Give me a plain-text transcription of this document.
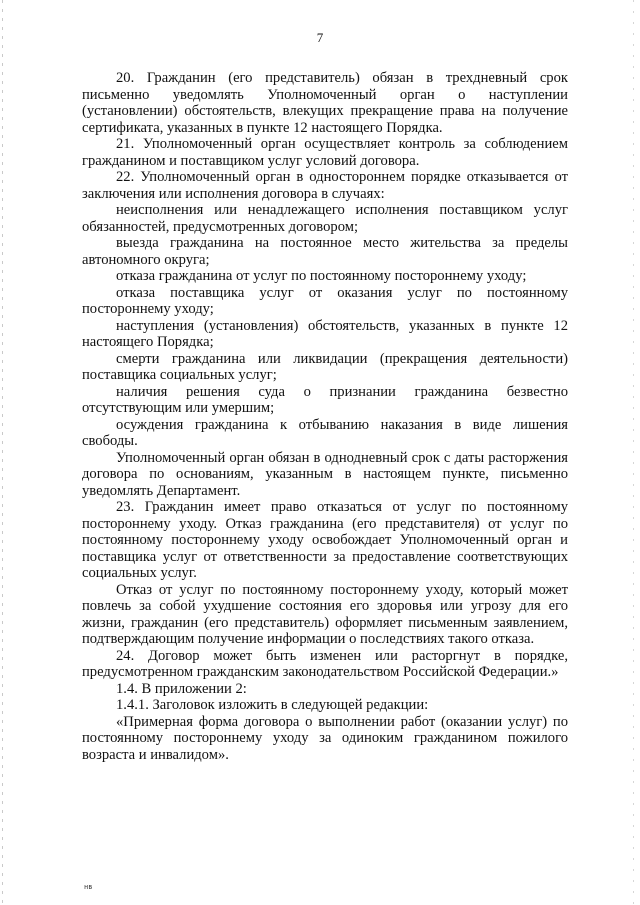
7

20. Гражданин (его представитель) обязан в трехдневный срок письменно уведомлять Уполномоченный орган о наступлении (установлении) обстоятельств, влекущих прекращение права на получение сертификата, указанных в пункте 12 настоящего Порядка.

21. Уполномоченный орган осуществляет контроль за соблюдением гражданином и поставщиком услуг условий договора.

22. Уполномоченный орган в одностороннем порядке отказывается от заключения или исполнения договора в случаях:

неисполнения или ненадлежащего исполнения поставщиком услуг обязанностей, предусмотренных договором;

выезда гражданина на постоянное место жительства за пределы автономного округа;

отказа гражданина от услуг по постоянному постороннему уходу;

отказа поставщика услуг от оказания услуг по постоянному постороннему уходу;

наступления (установления) обстоятельств, указанных в пункте 12 настоящего Порядка;

смерти гражданина или ликвидации (прекращения деятельности) поставщика социальных услуг;

наличия решения суда о признании гражданина безвестно отсутствующим или умершим;

осуждения гражданина к отбыванию наказания в виде лишения свободы.

Уполномоченный орган обязан в однодневный срок с даты расторжения договора по основаниям, указанным в настоящем пункте, письменно уведомлять Департамент.

23. Гражданин имеет право отказаться от услуг по постоянному постороннему уходу. Отказ гражданина (его представителя) от услуг по постоянному постороннему уходу освобождает Уполномоченный орган и поставщика услуг от ответственности за предоставление соответствующих социальных услуг.

Отказ от услуг по постоянному постороннему уходу, который может повлечь за собой ухудшение состояния его здоровья или угрозу для его жизни, гражданин (его представитель) оформляет письменным заявлением, подтверждающим получение информации о последствиях такого отказа.

24. Договор может быть изменен или расторгнут в порядке, предусмотренном гражданским законодательством Российской Федерации.»

1.4. В приложении 2:

1.4.1. Заголовок изложить в следующей редакции:

«Примерная форма договора о выполнении работ (оказании услуг) по постоянному постороннему уходу за одиноким гражданином пожилого возраста и инвалидом».

нв
